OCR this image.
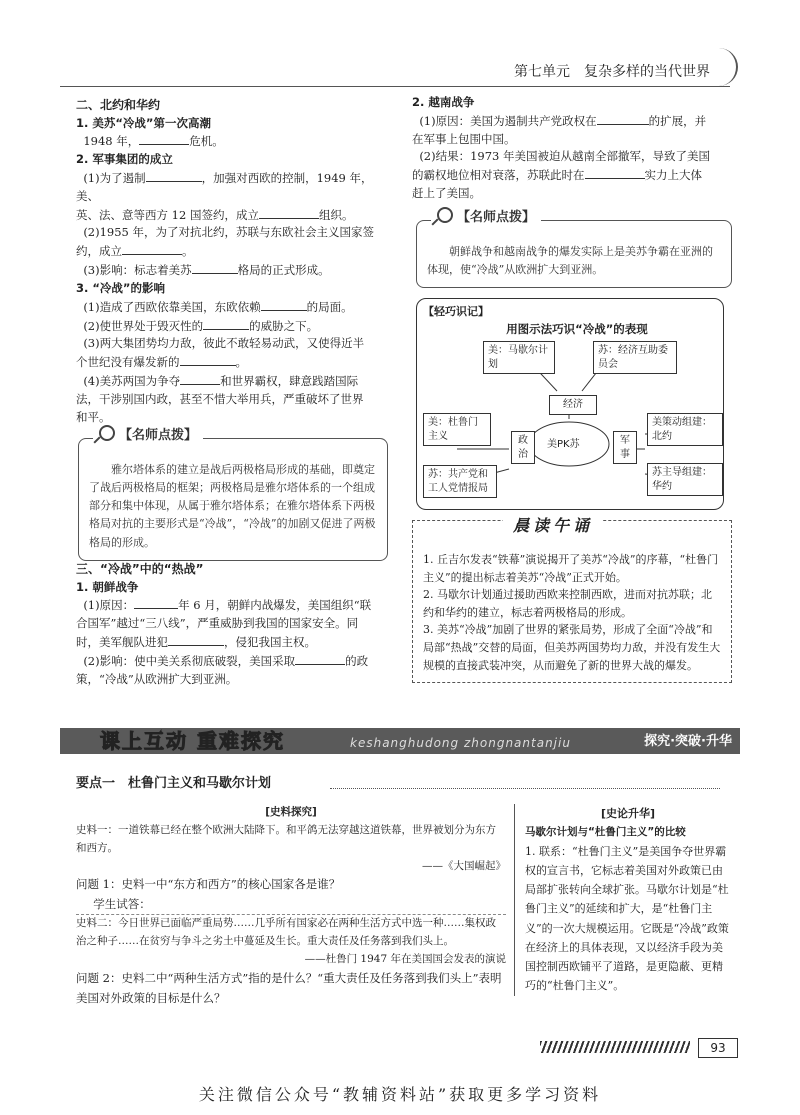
第七单元　复杂多样的当代世界

二、北约和华约

1. 美苏“冷战”第一次高潮

1948 年，	危机。

2. 军事集团的成立

(1)为了遏制	，加强对西欧的控制，1949 年，美、

英、法、意等西方 12 国签约，成立	组织。

(2)1955 年，为了对抗北约，苏联与东欧社会主义国家签

约，成立	。

(3)影响：标志着美苏	格局的正式形成。

3. “冷战”的影响

(1)造成了西欧依靠美国，东欧依赖	的局面。

(2)使世界处于毁灭性的	的威胁之下。

(3)两大集团势均力敌，彼此不敢轻易动武，又使得近半

个世纪没有爆发新的	。

(4)美苏两国为争夺	和世界霸权，肆意践踏国际

法，干涉别国内政，甚至不惜大举用兵，严重破坏了世界

和平。

【名师点拨】
雅尔塔体系的建立是战后两极格局形成的基础，即奠定了战后两极格局的框架；两极格局是雅尔塔体系的一个组成部分和集中体现，从属于雅尔塔体系；在雅尔塔体系下两极格局对抗的主要形式是“冷战”，“冷战”的加剧又促进了两极格局的形成。

三、“冷战”中的“热战”

1. 朝鲜战争

(1)原因：	年 6 月，朝鲜内战爆发，美国组织“联

合国军”越过“三八线”，严重威胁到我国的国家安全。同

时，美军舰队进犯	，侵犯我国主权。

(2)影响：使中美关系彻底破裂，美国采取	的政

策，“冷战”从欧洲扩大到亚洲。

2. 越南战争

(1)原因：美国为遏制共产党政权在	的扩展，并

在军事上包围中国。

(2)结果：1973 年美国被迫从越南全部撤军，导致了美国

的霸权地位相对衰落，苏联此时在	实力上大体

赶上了美国。

【名师点拨】
朝鲜战争和越南战争的爆发实际上是美苏争霸在亚洲的体现，使“冷战”从欧洲扩大到亚洲。
【轻巧识记】
用图示法巧识“冷战”的表现
美：马歇尔计划
苏：经济互助委员会
经济
美：杜鲁门主义	政治
美PK苏	军事
美策动组建：北约
苏：共产党和工人党情报局
苏主导组建：华约
晨读午诵

1. 丘吉尔发表“铁幕”演说揭开了美苏“冷战”的序幕，“杜鲁门主义”的提出标志着美苏“冷战”正式开始。

2. 马歇尔计划通过援助西欧来控制西欧，进而对抗苏联；北约和华约的建立，标志着两极格局的形成。

3. 美苏“冷战”加剧了世界的紧张局势，形成了全面“冷战”和局部“热战”交替的局面，但美苏两国势均力敌，并没有发生大规模的直接武装冲突，从而避免了新的世界大战的爆发。

课上互动 重难探究	keshanghudong zhongnantanjiu	探究·突破·升华
要点一　杜鲁门主义和马歇尔计划
[史料探究]

史料一：一道铁幕已经在整个欧洲大陆降下。和平鸽无法穿越这道铁幕，世界被划分为东方和西方。

——《大国崛起》

问题 1：史料一中“东方和西方”的核心国家各是谁？

学生试答：

史料二：今日世界已面临严重局势……几乎所有国家必在两种生活方式中选一种……集权政治之种子……在贫穷与争斗之劣土中蔓延及生长。重大责任及任务落到我们头上。

——杜鲁门 1947 年在美国国会发表的演说

问题 2：史料二中“两种生活方式”指的是什么？“重大责任及任务落到我们头上”表明美国对外政策的目标是什么？

[史论升华]
马歇尔计划与“杜鲁门主义”的比较
1. 联系：“杜鲁门主义”是美国争夺世界霸权的宣言书，它标志着美国对外政策已由局部扩张转向全球扩张。马歇尔计划是“杜鲁门主义”的延续和扩大，是“杜鲁门主义”的一次大规模运用。它既是“冷战”政策在经济上的具体表现，又以经济手段为美国控制西欧铺平了道路，是更隐蔽、更精巧的“杜鲁门主义”。
93
关注微信公众号“教辅资料站”获取更多学习资料
